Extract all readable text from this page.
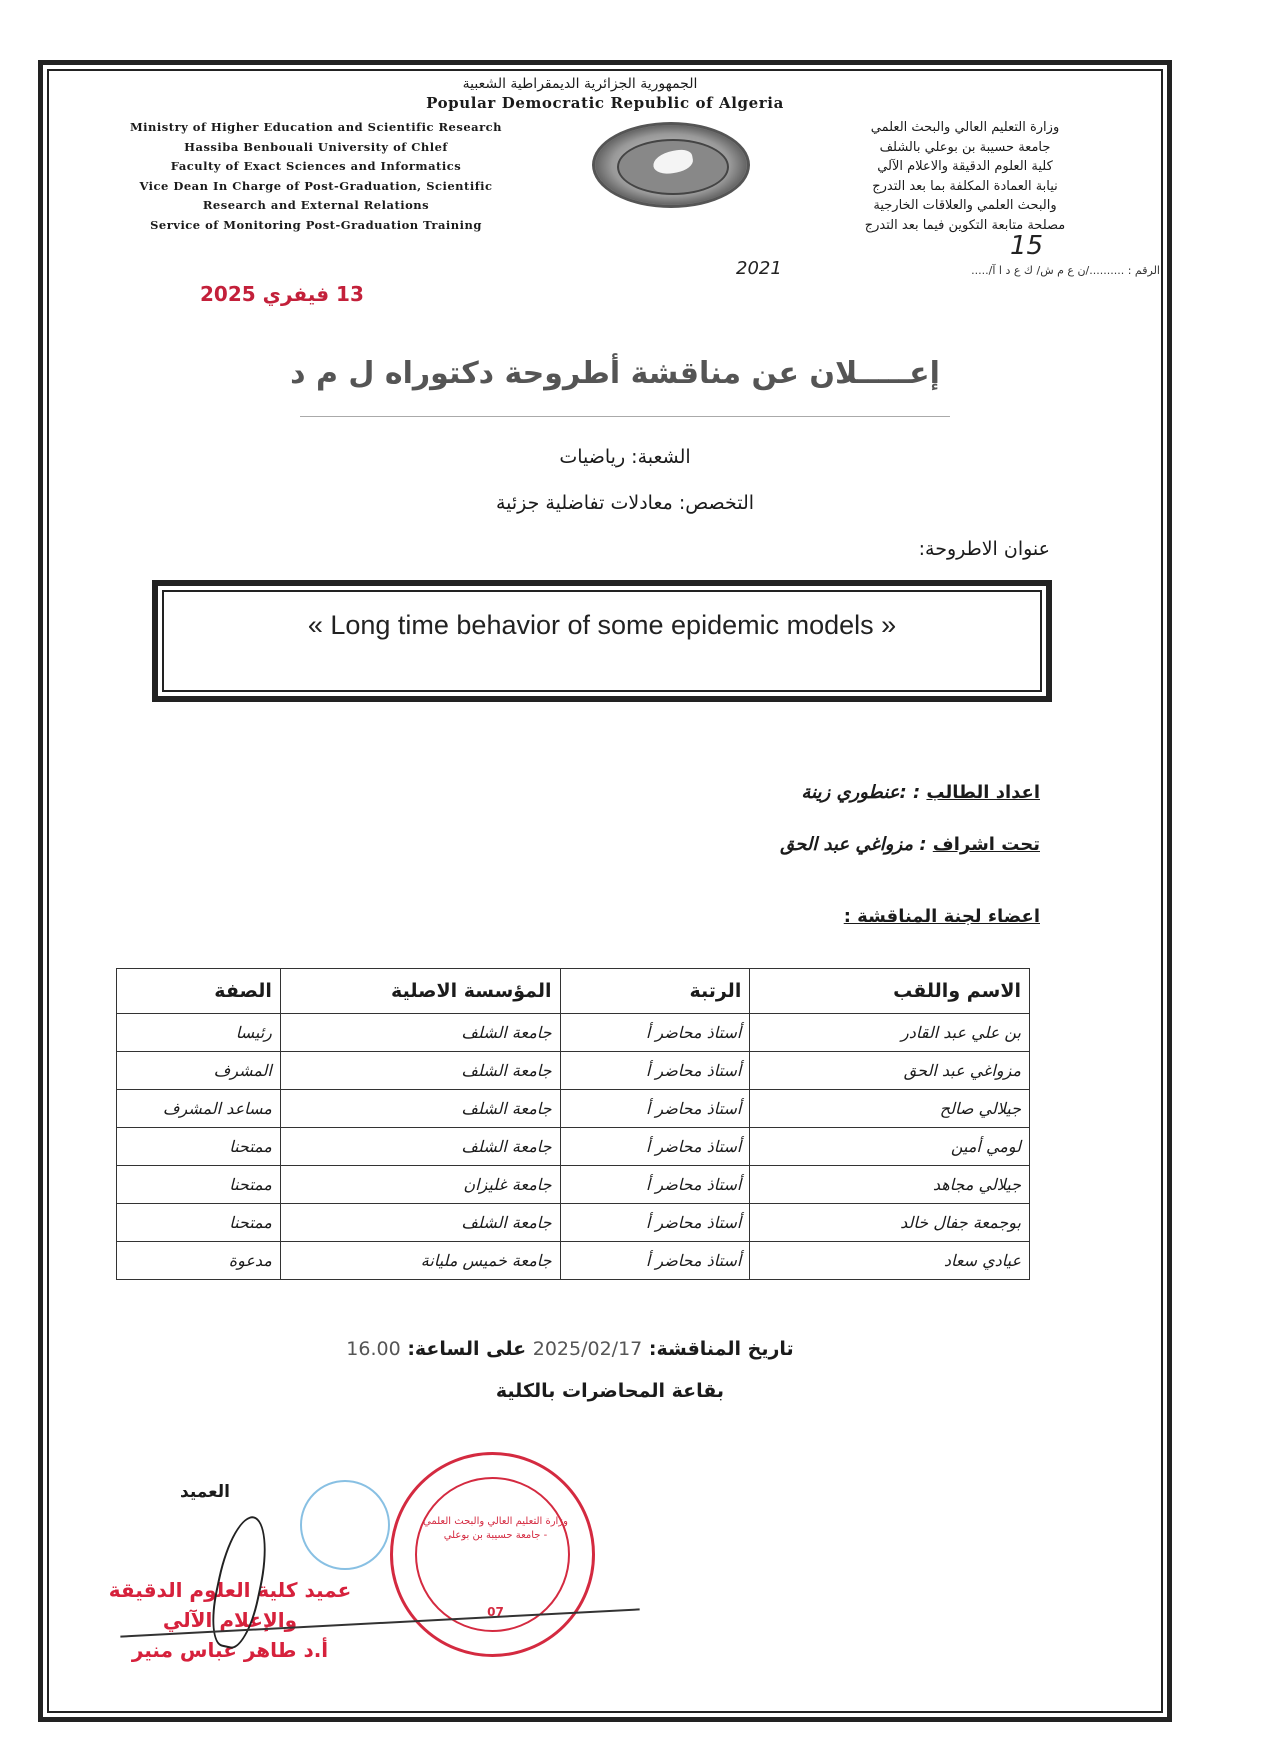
الجمهورية الجزائرية الديمقراطية الشعبية
Popular Democratic Republic of Algeria
Ministry of Higher Education and Scientific Research
Hassiba Benbouali University of Chlef
Faculty of Exact Sciences and Informatics
Vice Dean In Charge of Post-Graduation, Scientific
Research and External Relations
Service of Monitoring Post-Graduation Training
وزارة التعليم العالي والبحث العلمي
جامعة حسيبة بن بوعلي بالشلف
كلية العلوم الدقيقة والاعلام الآلي
نيابة العمادة المكلفة بما بعد التدرج
والبحث العلمي والعلاقات الخارجية
مصلحة متابعة التكوين فيما بعد التدرج
الرقم : ........../ن ع م ش/ ك ع د ا آ/.....
15
2021
13 فيفري 2025
إعـــــلان عن مناقشة أطروحة دكتوراه ل م د
الشعبة: رياضيات
التخصص: معادلات تفاضلية جزئية
عنوان الاطروحة:
« Long time behavior of some epidemic models »
اعداد الطالب : :عنطوري زينة
تحت اشراف : مزواغي عبد الحق
اعضاء لجنة المناقشة :
الاسم واللقب	الرتبة	المؤسسة الاصلية	الصفة
بن علي عبد القادر	أستاذ محاضر أ	جامعة الشلف	رئيسا
مزواغي عبد الحق	أستاذ محاضر أ	جامعة الشلف	المشرف
جيلالي صالح	أستاذ محاضر أ	جامعة الشلف	مساعد المشرف
لومي أمين	أستاذ محاضر أ	جامعة الشلف	ممتحنا
جيلالي مجاهد	أستاذ محاضر أ	جامعة غليزان	ممتحنا
بوجمعة جفال خالد	أستاذ محاضر أ	جامعة الشلف	ممتحنا
عيادي سعاد	أستاذ محاضر أ	جامعة خميس مليانة	مدعوة
تاريخ المناقشة: 2025/02/17 على الساعة: 16.00
بقاعة المحاضرات بالكلية
العميد
وزارة التعليم العالي والبحث العلمي - جامعة حسيبة بن بوعلي
07
عميد كلية العلوم الدقيقة
والإعلام الآلي
أ.د طاهر عباس منير
